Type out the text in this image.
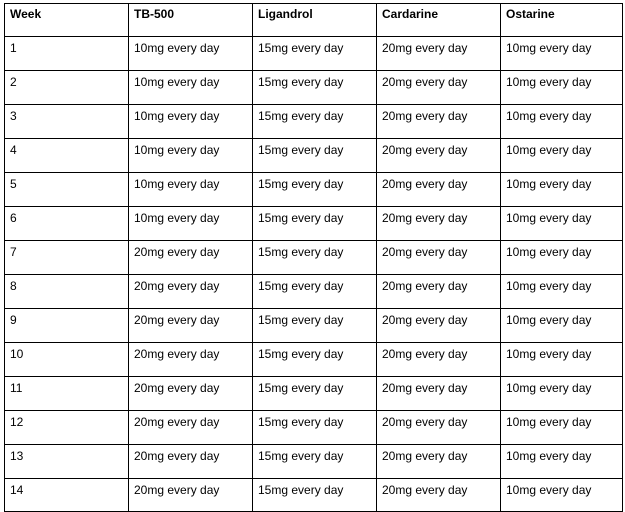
Week	TB-500	Ligandrol	Cardarine	Ostarine
1	10mg every day	15mg every day	20mg every day	10mg every day
2	10mg every day	15mg every day	20mg every day	10mg every day
3	10mg every day	15mg every day	20mg every day	10mg every day
4	10mg every day	15mg every day	20mg every day	10mg every day
5	10mg every day	15mg every day	20mg every day	10mg every day
6	10mg every day	15mg every day	20mg every day	10mg every day
7	20mg every day	15mg every day	20mg every day	10mg every day
8	20mg every day	15mg every day	20mg every day	10mg every day
9	20mg every day	15mg every day	20mg every day	10mg every day
10	20mg every day	15mg every day	20mg every day	10mg every day
11	20mg every day	15mg every day	20mg every day	10mg every day
12	20mg every day	15mg every day	20mg every day	10mg every day
13	20mg every day	15mg every day	20mg every day	10mg every day
14	20mg every day	15mg every day	20mg every day	10mg every day
